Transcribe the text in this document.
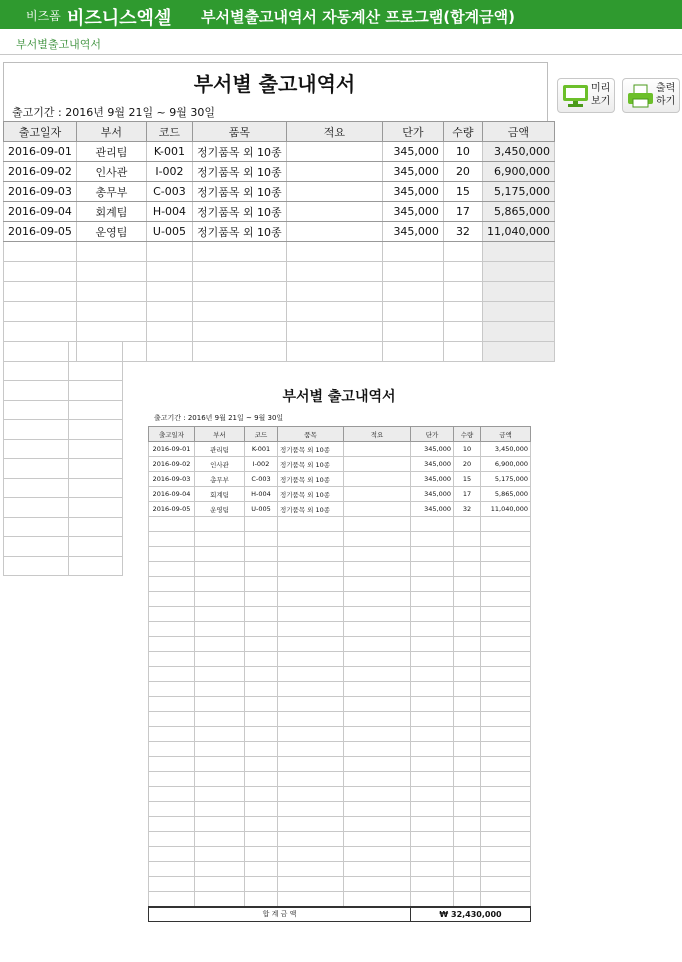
비즈폼 비즈니스엑셀 부서별출고내역서 자동계산 프로그램(합계금액)
부서별출고내역서
부서별 출고내역서
출고기간 : 2016년 9월 21일 ~ 9월 30일
미리 보기
출력 하기
출고일자	부서	코드	품목	적요	단가	수량	금액
2016-09-01	관리팀	K-001	정기품목 외 10종		345,000	10	3,450,000
2016-09-02	인사관	I-002	정기품목 외 10종		345,000	20	6,900,000
2016-09-03	총무부	C-003	정기품목 외 10종		345,000	15	5,175,000
2016-09-04	회계팀	H-004	정기품목 외 10종		345,000	17	5,865,000
2016-09-05	운영팀	U-005	정기품목 외 10종		345,000	32	11,040,000

부서별 출고내역서
출고기간 : 2016년 9월 21일 ~ 9월 30일
출고일자	부서	코드	품목	적요	단가	수량	금액
2016-09-01	관리팀	K-001	정기품목 외 10종		345,000	10	3,450,000
2016-09-02	인사관	I-002	정기품목 외 10종		345,000	20	6,900,000
2016-09-03	총무부	C-003	정기품목 외 10종		345,000	15	5,175,000
2016-09-04	회계팀	H-004	정기품목 외 10종		345,000	17	5,865,000
2016-09-05	운영팀	U-005	정기품목 외 10종		345,000	32	11,040,000

합 계 금 액	₩ 32,430,000
